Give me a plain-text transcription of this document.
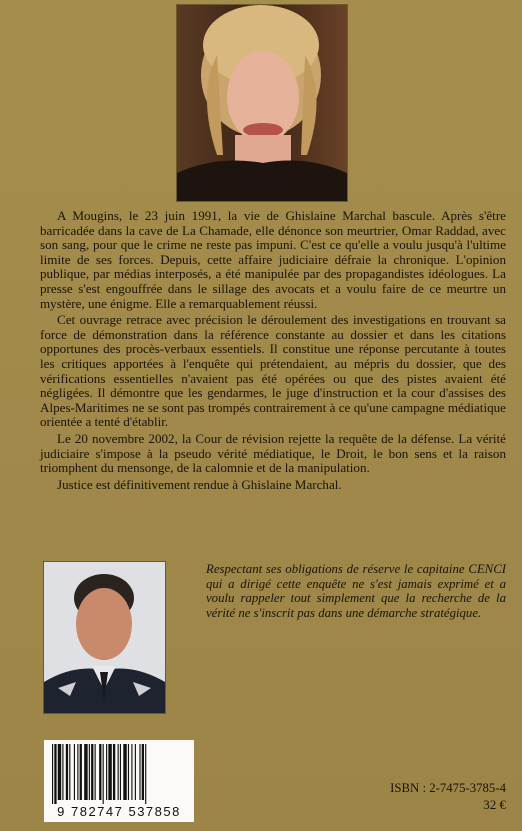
A Mougins, le 23 juin 1991, la vie de Ghislaine Marchal bascule. Après s'être barricadée dans la cave de La Chamade, elle dénonce son meurtrier, Omar Raddad, avec son sang, pour que le crime ne reste pas impuni. C'est ce qu'elle a voulu jusqu'à l'ultime limite de ses forces. Depuis, cette affaire judiciaire défraie la chronique. L'opinion publique, par médias interposés, a été manipulée par des propagandistes idéologues. La presse s'est engouffrée dans le sillage des avocats et a voulu faire de ce meurtre un mystère, une énigme. Elle a remarquablement réussi.

Cet ouvrage retrace avec précision le déroulement des investigations en trouvant sa force de démonstration dans la référence constante au dossier et dans les citations opportunes des procès-verbaux essentiels. Il constitue une réponse percutante à toutes les critiques apportées à l'enquête qui prétendaient, au mépris du dossier, que des vérifications essentielles n'avaient pas été opérées ou que des pistes avaient été négligées. Il démontre que les gendarmes, le juge d'instruction et la cour d'assises des Alpes-Maritimes ne se sont pas trompés contrairement à ce qu'une campagne médiatique orientée a tenté d'établir.

Le 20 novembre 2002, la Cour de révision rejette la requête de la défense. La vérité judiciaire s'impose à la pseudo vérité médiatique, le Droit, le bon sens et la raison triomphent du mensonge, de la calomnie et de la manipulation.

Justice est définitivement rendue à Ghislaine Marchal.

Respectant ses obligations de réserve le capitaine CENCI qui a dirigé cette enquête ne s'est jamais exprimé et a voulu rappeler tout simplement que la recherche de la vérité ne s'inscrit pas dans une démarche stratégique.

9 782747 537858
ISBN : 2-7475-3785-4
32 €
